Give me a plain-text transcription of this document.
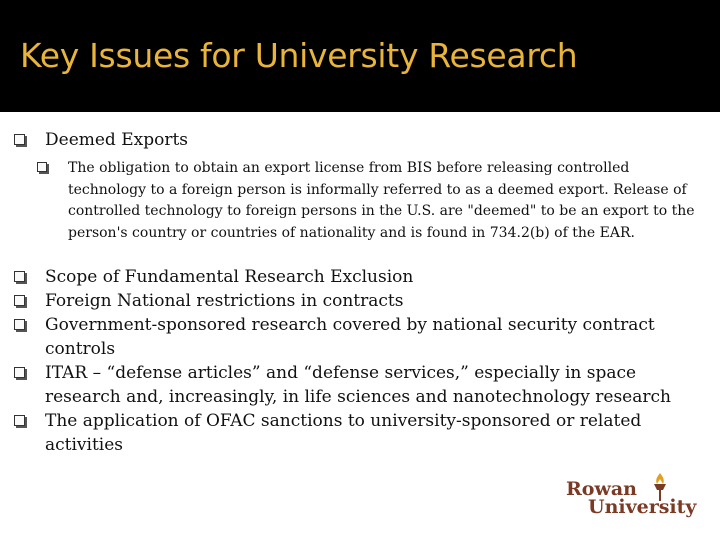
Key Issues for University Research
Deemed Exports
The obligation to obtain an export license from BIS before releasing controlled technology to a foreign person is informally referred to as a deemed export. Release of controlled technology to foreign persons in the U.S. are "deemed" to be an export to the person's country or countries of nationality and is found in 734.2(b) of the EAR.
Scope of Fundamental Research Exclusion
Foreign National restrictions in contracts
Government-sponsored research covered by national security contract controls
ITAR – “defense articles” and “defense services,” especially in space research and, increasingly, in life sciences and nanotechnology research
The application of OFAC sanctions to university-sponsored or related activities
Rowan
University
